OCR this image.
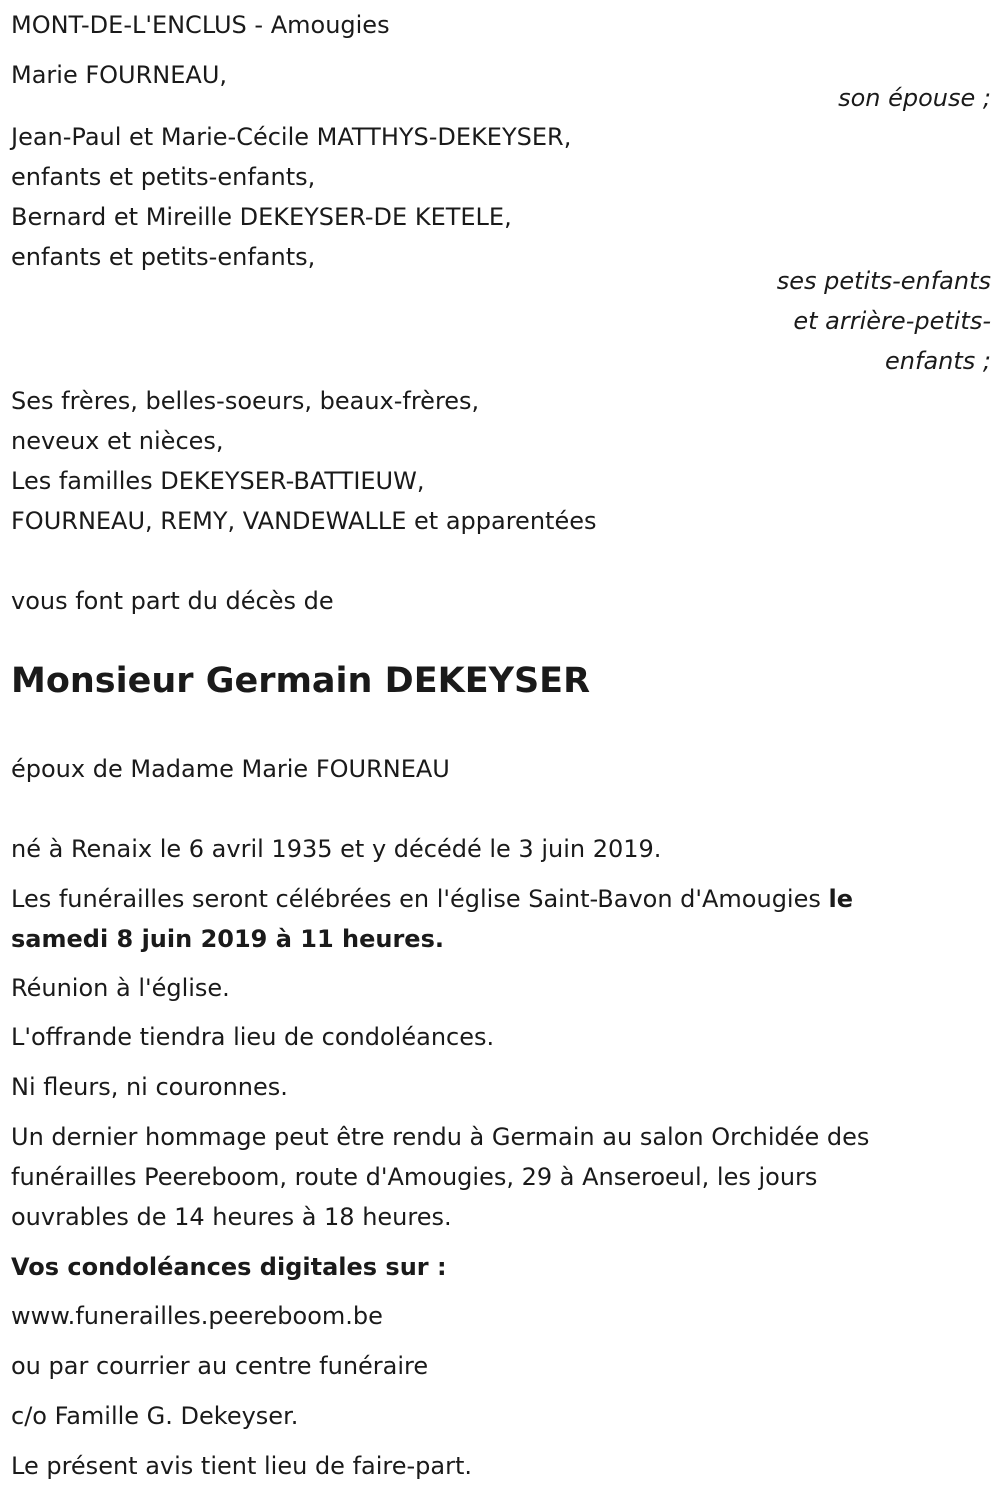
MONT-DE-L'ENCLUS - Amougies
Marie FOURNEAU,
son épouse ;
Jean-Paul et Marie-Cécile MATTHYS-DEKEYSER,
enfants et petits-enfants,
Bernard et Mireille DEKEYSER-DE KETELE,
enfants et petits-enfants,
ses petits-enfants
et arrière-petits-
enfants ;
Ses frères, belles-soeurs, beaux-frères,
neveux et nièces,
Les familles DEKEYSER-BATTIEUW,
FOURNEAU, REMY, VANDEWALLE et apparentées
vous font part du décès de
Monsieur Germain DEKEYSER
époux de Madame Marie FOURNEAU
né à Renaix le 6 avril 1935 et y décédé le 3 juin 2019.
Les funérailles seront célébrées en l'église Saint-Bavon d'Amougies le
samedi 8 juin 2019 à 11 heures.
Réunion à l'église.
L'offrande tiendra lieu de condoléances.
Ni fleurs, ni couronnes.
Un dernier hommage peut être rendu à Germain au salon Orchidée des
funérailles Peereboom, route d'Amougies, 29 à Anseroeul, les jours
ouvrables de 14 heures à 18 heures.
Vos condoléances digitales sur :
www.funerailles.peereboom.be
ou par courrier au centre funéraire
c/o Famille G. Dekeyser.
Le présent avis tient lieu de faire-part.
